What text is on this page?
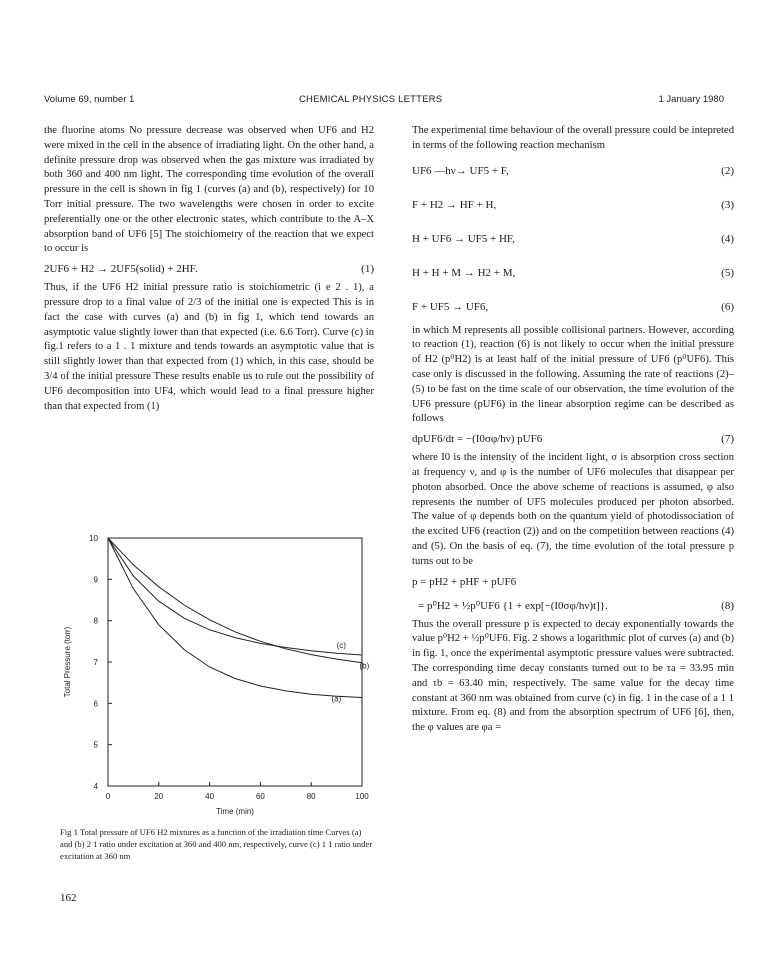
Volume 69, number 1	CHEMICAL PHYSICS LETTERS	1 January 1980

the fluorine atoms No pressure decrease was observed when UF6 and H2 were mixed in the cell in the absence of irradiating light. On the other hand, a definite pressure drop was observed when the gas mixture was irradiated by both 360 and 400 nm light. The corresponding time evolution of the overall pressure in the cell is shown in fig 1 (curves (a) and (b), respectively) for 10 Torr initial pressure. The two wavelengths were chosen in order to excite preferentially one or the other electronic states, which contribute to the A–X absorption band of UF6 [5] The stoichiometry of the reaction that we expect to occur is

2UF6 + H2 → 2UF5(solid) + 2HF.	(1)

Thus, if the UF6 H2 initial pressure ratio is stoichiometric (i e 2 . 1), a pressure drop to a final value of 2/3 of the initial one is expected This is in fact the case with curves (a) and (b) in fig 1, which tend towards an asymptotic value slightly lower than that expected (i.e. 6.6 Torr). Curve (c) in fig.1 refers to a 1 . 1 mixture and tends towards an asymptotic value that is still slightly lower than that expected from (1) which, in this case, should be 3/4 of the initial pressure These results enable us to rule out the possibility of UF6 decomposition into UF4, which would lead to a final pressure higher than that expected from (1)

0	20	40	60	80	100
4
5
6
7
8
9
10
Time (min)
Total Pressure (torr)
(a)
(b)
(c)
Fig 1 Total pressure of UF6 H2 mixtures as a function of the irradiation time Curves (a) and (b) 2 1 ratio under excitation at 360 and 400 nm, respectively, curve (c) 1 1 ratio under excitation at 360 nm

The experimental time behaviour of the overall pressure could be intepreted in terms of the following reaction mechanism

UF6 —hν→ UF5 + F,	(2)
F + H2 → HF + H,	(3)
H + UF6 → UF5 + HF,	(4)
H + H + M → H2 + M,	(5)
F + UF5 → UF6,	(6)

in which M represents all possible collisional partners. However, according to reaction (1), reaction (6) is not likely to occur when the initial pressure of H2 (p⁰H2) is at least half of the initial pressure of UF6 (p⁰UF6). This case only is discussed in the following. Assuming the rate of reactions (2)–(5) to be fast on the time scale of our observation, the time evolution of the UF6 pressure (pUF6) in the linear absorption regime can be described as follows

dpUF6/dt = −(I0σφ/hν) pUF6	(7)

where I0 is the intensity of the incident light, σ is absorption cross section at frequency ν, and φ is the number of UF6 molecules that disappear per photon absorbed. Once the above scheme of reactions is assumed, φ also represents the number of UF5 molecules produced per photon absorbed. The value of φ depends both on the quantum yield of photodissociation of the excited UF6 (reaction (2)) and on the competition between reactions (4) and (5). On the basis of eq. (7), the time evolution of the total pressure p turns out to be

p = pH2 + pHF + pUF6
= p⁰H2 + ½p⁰UF6 {1 + exp[−(I0σφ/hν)t]}.	(8)

Thus the overall pressure p is expected to decay exponentially towards the value p⁰H2 + ½p⁰UF6. Fig. 2 shows a logarithmic plot of curves (a) and (b) in fig. 1, once the experimental asymptotic pressure values were subtracted. The corresponding time decay constants turned out to be τa = 33.95 min and τb = 63.40 min, respectively. The same value for the decay time constant at 360 nm was obtained from curve (c) in fig. 1 in the case of a 1 1 mixture. From eq. (8) and from the absorption spectrum of UF6 [6], then, the φ values are φa =

162
